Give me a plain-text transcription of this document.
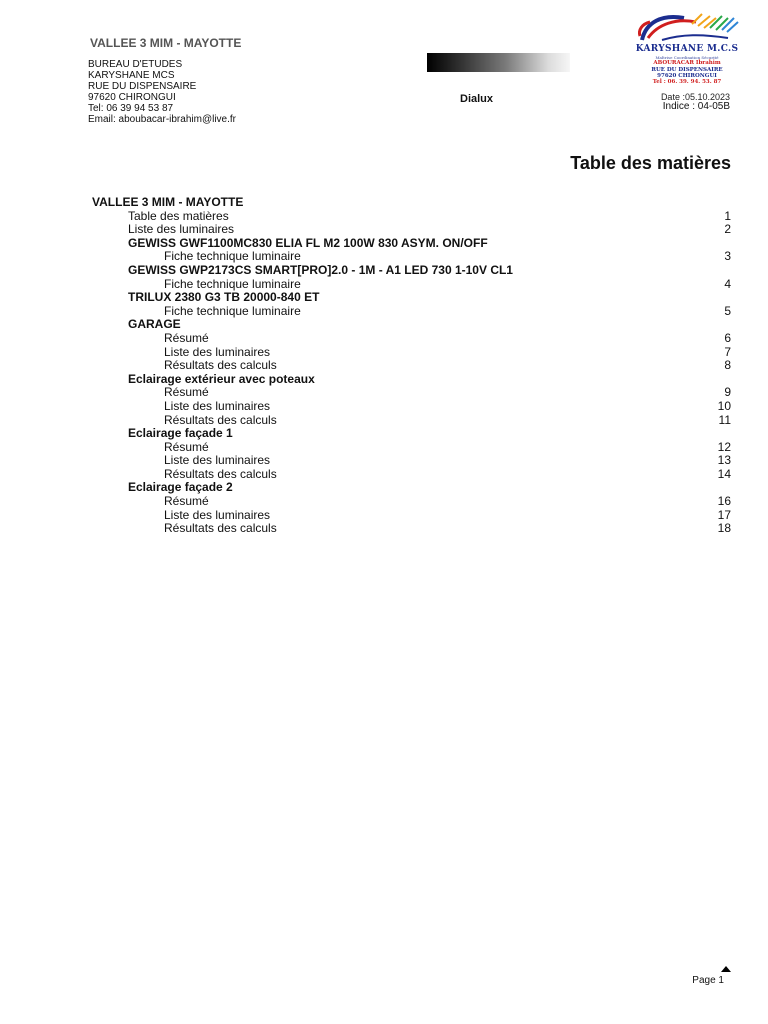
VALLEE 3 MIM - MAYOTTE
BUREAU D'ETUDES
KARYSHANE MCS
RUE DU DISPENSAIRE
97620 CHIRONGUI
Tel: 06 39 94 53 87
Email: aboubacar-ibrahim@live.fr
Dialux
KARYSHANE M.C.S
Maîtrise Coordination Sécurité
ABOURACAR Ibrahim
RUE DU DISPENSAIRE
97620 CHIRONGUI
Tel : 06. 39. 94. 53. 87
Date :05.10.2023
Indice : 04-05B
Table des matières
VALLEE 3 MIM - MAYOTTE
Table des matières	1
Liste des luminaires	2
GEWISS GWF1100MC830 ELIA FL M2 100W 830 ASYM. ON/OFF
Fiche technique luminaire	3
GEWISS GWP2173CS SMART[PRO]2.0 - 1M - A1 LED 730 1-10V CL1
Fiche technique luminaire	4
TRILUX 2380 G3 TB 20000-840 ET
Fiche technique luminaire	5
GARAGE
Résumé	6
Liste des luminaires	7
Résultats des calculs	8
Eclairage extérieur avec poteaux
Résumé	9
Liste des luminaires	10
Résultats des calculs	11
Eclairage façade 1
Résumé	12
Liste des luminaires	13
Résultats des calculs	14
Eclairage façade 2
Résumé	16
Liste des luminaires	17
Résultats des calculs	18
Page 1
